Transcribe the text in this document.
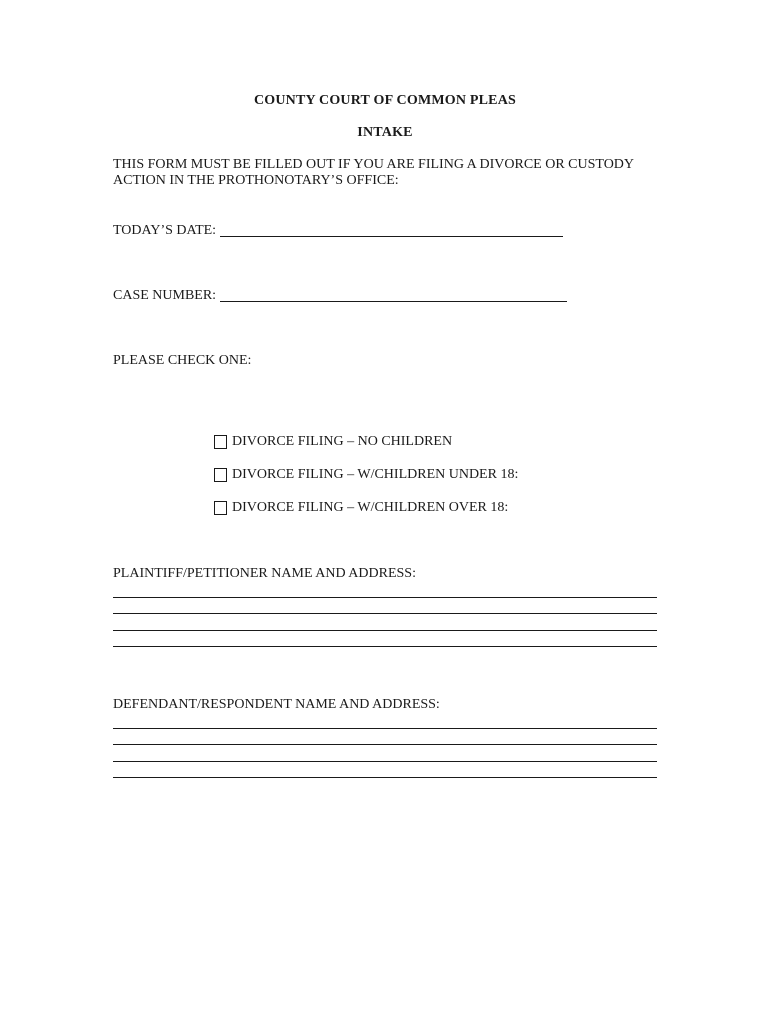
COUNTY COURT OF COMMON PLEAS
INTAKE
THIS FORM MUST BE FILLED OUT IF YOU ARE FILING A DIVORCE OR CUSTODY
ACTION IN THE PROTHONOTARY’S OFFICE:
TODAY’S DATE:
CASE NUMBER:
PLEASE CHECK ONE:
DIVORCE FILING – NO CHILDREN
DIVORCE FILING – W/CHILDREN UNDER 18:
DIVORCE FILING – W/CHILDREN OVER 18:
PLAINTIFF/PETITIONER NAME AND ADDRESS:
DEFENDANT/RESPONDENT NAME AND ADDRESS:
